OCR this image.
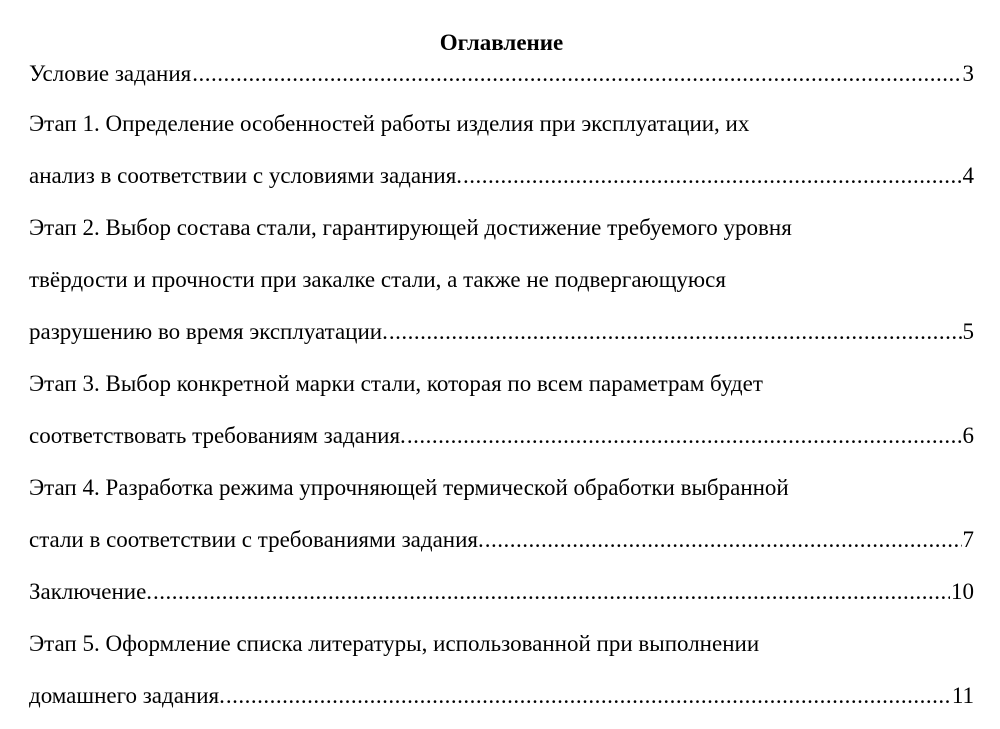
Оглавление
Условие задания .....	3
Этап 1. Определение особенностей работы изделия при эксплуатации, их
анализ в соответствии с условиями задания. .....	4
Этап 2. Выбор состава стали, гарантирующей достижение требуемого уровня
твёрдости и прочности при закалке стали, а также не подвергающуюся
разрушению во время эксплуатации. .....	5
Этап 3. Выбор конкретной марки стали, которая по всем параметрам будет
соответствовать требованиям задания. .....	6
Этап 4. Разработка режима упрочняющей термической обработки выбранной
стали в соответствии с требованиями задания. .....	7
Заключение. .....	10
Этап 5. Оформление списка литературы, использованной при выполнении
домашнего задания. .....	11
